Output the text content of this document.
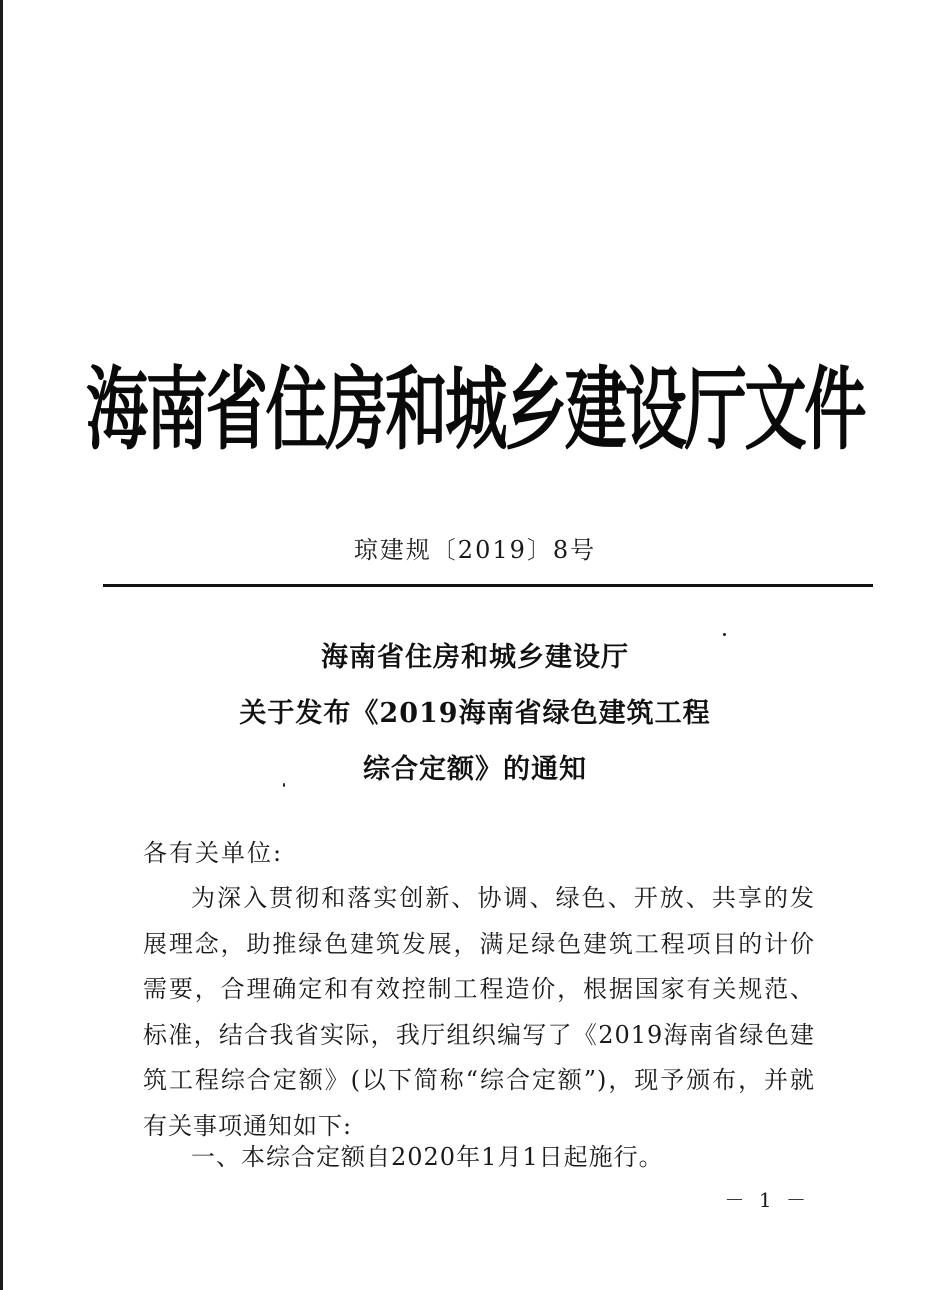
海南省住房和城乡建设厅文件
琼建规〔2019〕8号
海南省住房和城乡建设厅
关于发布《2019海南省绿色建筑工程
综合定额》的通知
各有关单位:
为深入贯彻和落实创新、协调、绿色、开放、共享的发展理念，助推绿色建筑发展，满足绿色建筑工程项目的计价需要，合理确定和有效控制工程造价，根据国家有关规范、标准，结合我省实际，我厅组织编写了《2019海南省绿色建筑工程综合定额》(以下简称“综合定额”)，现予颁布，并就有关事项通知如下:
一、本综合定额自2020年1月1日起施行。
－ 1 －
